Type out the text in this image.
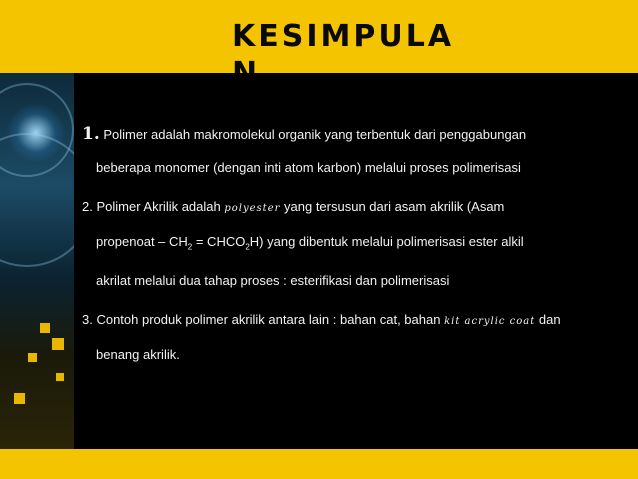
KESIMPULA
1. Polimer adalah makromolekul organik yang terbentuk dari penggabungan
beberapa monomer (dengan inti atom karbon) melalui proses polimerisasi
2. Polimer Akrilik adalah polyester yang tersusun dari asam akrilik (Asam
propenoat – $CH_2$ = $CHCO_2H$) yang dibentuk melalui polimerisasi ester alkil
akrilat melalui dua tahap proses : esterifikasi dan polimerisasi
3. Contoh produk polimer akrilik antara lain : bahan cat, bahan kit acrylic coat dan
benang akrilik.
